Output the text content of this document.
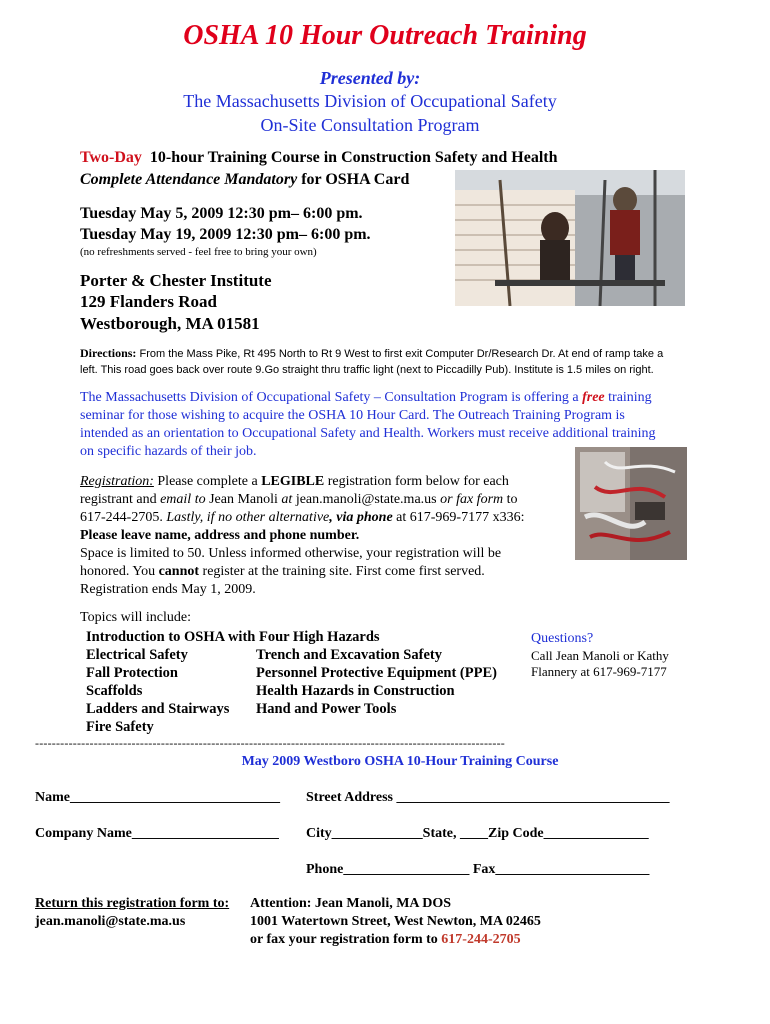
OSHA 10 Hour Outreach Training
Presented by:
The Massachusetts Division of Occupational Safety
On-Site Consultation Program
Two-Day 10-hour Training Course in Construction Safety and Health
Complete Attendance Mandatory for OSHA Card
Tuesday May 5, 2009 12:30 pm– 6:00 pm.
Tuesday May 19, 2009 12:30 pm– 6:00 pm.
(no refreshments served - feel free to bring your own)
Porter & Chester Institute
129 Flanders Road
Westborough, MA 01581
Directions: From the Mass Pike, Rt 495 North to Rt 9 West to first exit Computer Dr/Research Dr. At end of ramp take a
left. This road goes back over route 9.Go straight thru traffic light (next to Piccadilly Pub). Institute is 1.5 miles on right.
The Massachusetts Division of Occupational Safety – Consultation Program is offering a free training
seminar for those wishing to acquire the OSHA 10 Hour Card. The Outreach Training Program is
intended as an orientation to Occupational Safety and Health. Workers must receive additional training
on specific hazards of their job.
Registration: Please complete a LEGIBLE registration form below for each
registrant and email to Jean Manoli at jean.manoli@state.ma.us or fax form to
617-244-2705. Lastly, if no other alternative, via phone at 617-969-7177 x336:
Please leave name, address and phone number.
Space is limited to 50. Unless informed otherwise, your registration will be
honored. You cannot register at the training site. First come first served.
Registration ends May 1, 2009.
Topics will include:
Introduction to OSHA with Four High Hazards
Electrical Safety	Trench and Excavation Safety
Fall Protection	Personnel Protective Equipment (PPE)
Scaffolds	Health Hazards in Construction
Ladders and Stairways Hand and Power Tools
Fire Safety
Questions?
Call Jean Manoli or Kathy
Flannery at 617-969-7177
----------------------------------------------------------------------------------------------------------------
May 2009 Westboro OSHA 10-Hour Training Course
Name______________________________ Street Address _______________________________________
Company Name_____________________ City_____________State, ____Zip Code_______________
Phone__________________ Fax______________________
Return this registration form to: Attention: Jean Manoli, MA DOS
jean.manoli@state.ma.us	1001 Watertown Street, West Newton, MA 02465
or fax your registration form to 617-244-2705
